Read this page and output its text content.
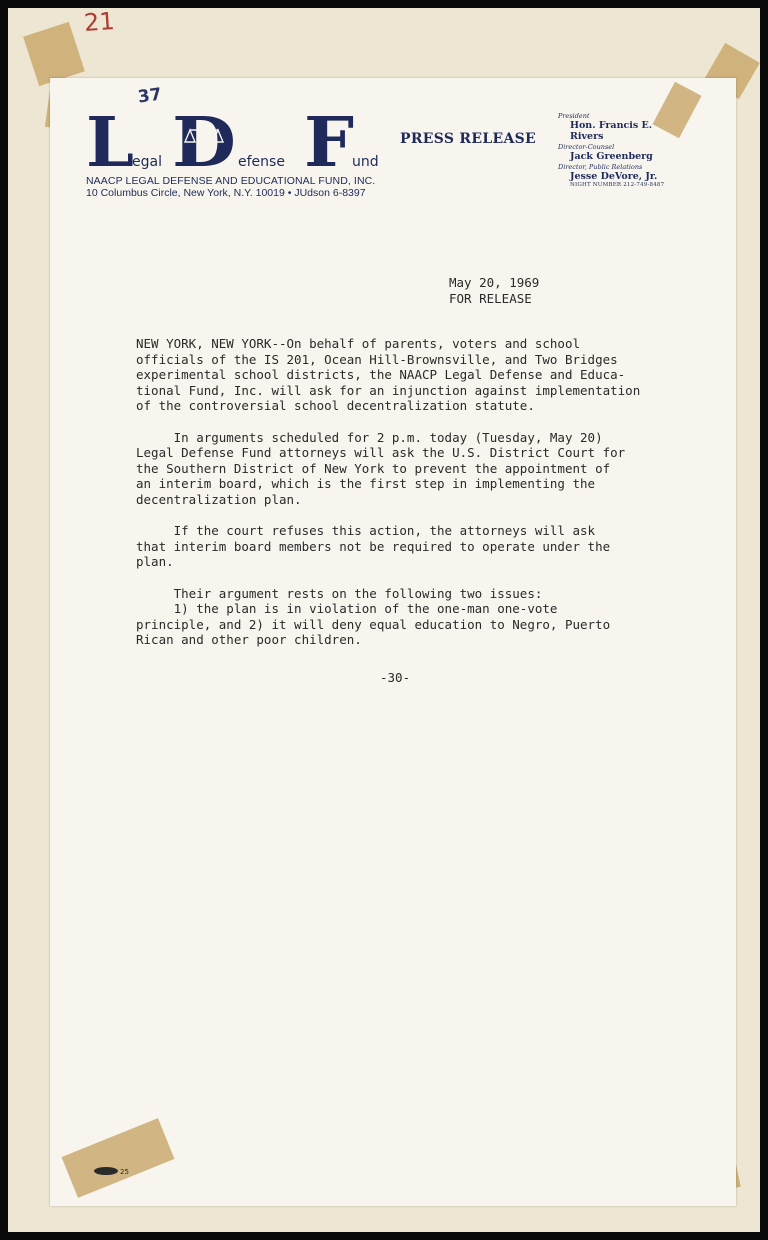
21
37
L
egal D efense F
und
NAACP LEGAL DEFENSE AND EDUCATIONAL FUND, INC.
10 Columbus Circle, New York, N.Y. 10019 • JUdson 6-8397
PRESS RELEASE
President
Hon. Francis E. Rivers
Director-Counsel
Jack Greenberg
Director, Public Relations
Jesse DeVore, Jr.
NIGHT NUMBER 212-749-8487
May 20, 1969
FOR RELEASE

NEW YORK, NEW YORK--On behalf of parents, voters and school
officials of the IS 201, Ocean Hill-Brownsville, and Two Bridges
experimental school districts, the NAACP Legal Defense and Educa-
tional Fund, Inc. will ask for an injunction against implementation
of the controversial school decentralization statute.

In arguments scheduled for 2 p.m. today (Tuesday, May 20)
Legal Defense Fund attorneys will ask the U.S. District Court for
the Southern District of New York to prevent the appointment of
an interim board, which is the first step in implementing the
decentralization plan.

If the court refuses this action, the attorneys will ask
that interim board members not be required to operate under the
plan.

Their argument rests on the following two issues:
1) the plan is in violation of the one-man one-vote
principle, and 2) it will deny equal education to Negro, Puerto
Rican and other poor children.

-30-
25
